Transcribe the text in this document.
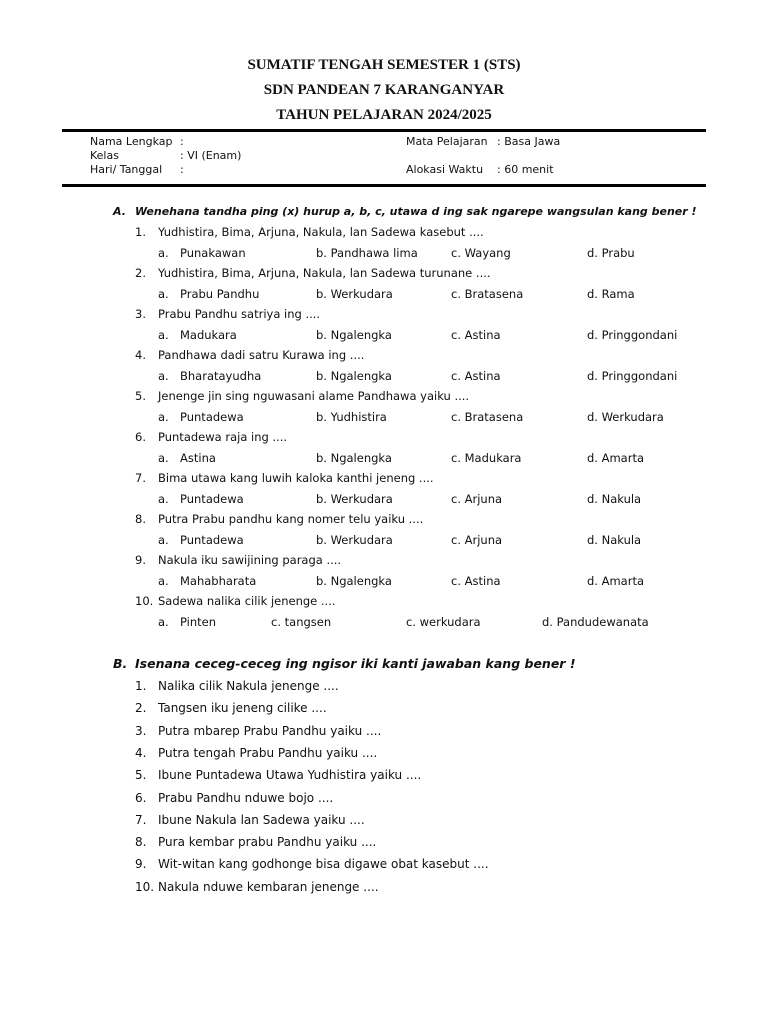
SUMATIF TENGAH SEMESTER 1 (STS)
SDN PANDEAN 7 KARANGANYAR
TAHUN PELAJARAN 2024/2025
Nama Lengkap :
Kelas	: VI (Enam)
Hari/ Tanggal :
Mata Pelajaran : Basa Jawa
Alokasi Waktu : 60 menit
A. Wenehana tandha ping (x) hurup a, b, c, utawa d ing sak ngarepe wangsulan kang bener !
1. Yudhistira, Bima, Arjuna, Nakula, lan Sadewa kasebut ....
a. Punakawan	b. Pandhawa lima	c. Wayang	d. Prabu
2. Yudhistira, Bima, Arjuna, Nakula, lan Sadewa turunane ....
a. Prabu Pandhu	b. Werkudara	c. Bratasena	d. Rama
3. Prabu Pandhu satriya ing ....
a. Madukara	b. Ngalengka	c. Astina	d. Pringgondani
4. Pandhawa dadi satru Kurawa ing ....
a. Bharatayudha	b. Ngalengka	c. Astina	d. Pringgondani
5. Jenenge jin sing nguwasani alame Pandhawa yaiku ....
a. Puntadewa	b. Yudhistira	c. Bratasena	d. Werkudara
6. Puntadewa raja ing ....
a. Astina	b. Ngalengka	c. Madukara	d. Amarta
7. Bima utawa kang luwih kaloka kanthi jeneng ....
a. Puntadewa	b. Werkudara	c. Arjuna	d. Nakula
8. Putra Prabu pandhu kang nomer telu yaiku ....
a. Puntadewa	b. Werkudara	c. Arjuna	d. Nakula
9. Nakula iku sawijining paraga ....
a. Mahabharata	b. Ngalengka	c. Astina	d. Amarta
10. Sadewa nalika cilik jenenge ....
a. Pinten	c. tangsen	c. werkudara	d. Pandudewanata
B. Isenana ceceg-ceceg ing ngisor iki kanti jawaban kang bener !
1. Nalika cilik Nakula jenenge ....
2. Tangsen iku jeneng cilike ....
3. Putra mbarep Prabu Pandhu yaiku ....
4. Putra tengah Prabu Pandhu yaiku ....
5. Ibune Puntadewa Utawa Yudhistira yaiku ....
6. Prabu Pandhu nduwe bojo ....
7. Ibune Nakula lan Sadewa yaiku ....
8. Pura kembar prabu Pandhu yaiku ....
9. Wit-witan kang godhonge bisa digawe obat kasebut ....
10. Nakula nduwe kembaran jenenge ....
